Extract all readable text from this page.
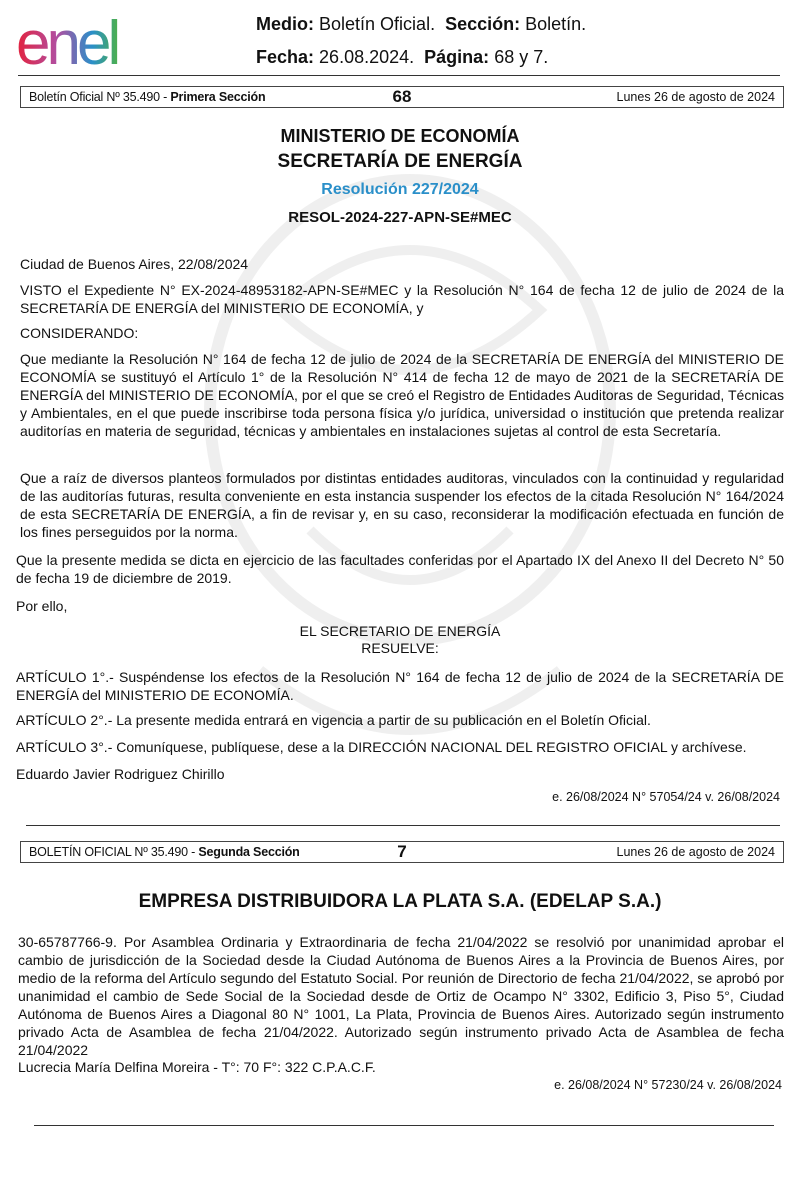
enel	Medio: Boletín Oficial. Sección: Boletín.
Fecha: 26.08.2024. Página: 68 y 7.
Boletín Oficial Nº 35.490 - Primera Sección	68	Lunes 26 de agosto de 2024
MINISTERIO DE ECONOMÍA
SECRETARÍA DE ENERGÍA
Resolución 227/2024
RESOL-2024-227-APN-SE#MEC
Ciudad de Buenos Aires, 22/08/2024
VISTO el Expediente N° EX-2024-48953182-APN-SE#MEC y la Resolución N° 164 de fecha 12 de julio de 2024 de la SECRETARÍA DE ENERGÍA del MINISTERIO DE ECONOMÍA, y
CONSIDERANDO:
Que mediante la Resolución N° 164 de fecha 12 de julio de 2024 de la SECRETARÍA DE ENERGÍA del MINISTERIO DE ECONOMÍA se sustituyó el Artículo 1° de la Resolución N° 414 de fecha 12 de mayo de 2021 de la SECRETARÍA DE ENERGÍA del MINISTERIO DE ECONOMÍA, por el que se creó el Registro de Entidades Auditoras de Seguridad, Técnicas y Ambientales, en el que puede inscribirse toda persona física y/o jurídica, universidad o institución que pretenda realizar auditorías en materia de seguridad, técnicas y ambientales en instalaciones sujetas al control de esta Secretaría.
Que a raíz de diversos planteos formulados por distintas entidades auditoras, vinculados con la continuidad y regularidad de las auditorías futuras, resulta conveniente en esta instancia suspender los efectos de la citada Resolución N° 164/2024 de esta SECRETARÍA DE ENERGÍA, a fin de revisar y, en su caso, reconsiderar la modificación efectuada en función de los fines perseguidos por la norma.
Que la presente medida se dicta en ejercicio de las facultades conferidas por el Apartado IX del Anexo II del Decreto N° 50 de fecha 19 de diciembre de 2019.
Por ello,
EL SECRETARIO DE ENERGÍA
RESUELVE:
ARTÍCULO 1°.- Suspéndense los efectos de la Resolución N° 164 de fecha 12 de julio de 2024 de la SECRETARÍA DE ENERGÍA del MINISTERIO DE ECONOMÍA.
ARTÍCULO 2°.- La presente medida entrará en vigencia a partir de su publicación en el Boletín Oficial.
ARTÍCULO 3°.- Comuníquese, publíquese, dese a la DIRECCIÓN NACIONAL DEL REGISTRO OFICIAL y archívese.
Eduardo Javier Rodriguez Chirillo
e. 26/08/2024 N° 57054/24 v. 26/08/2024
BOLETÍN OFICIAL Nº 35.490 - Segunda Sección	7	Lunes 26 de agosto de 2024
EMPRESA DISTRIBUIDORA LA PLATA S.A. (EDELAP S.A.)
30-65787766-9. Por Asamblea Ordinaria y Extraordinaria de fecha 21/04/2022 se resolvió por unanimidad aprobar el cambio de jurisdicción de la Sociedad desde la Ciudad Autónoma de Buenos Aires a la Provincia de Buenos Aires, por medio de la reforma del Artículo segundo del Estatuto Social. Por reunión de Directorio de fecha 21/04/2022, se aprobó por unanimidad el cambio de Sede Social de la Sociedad desde de Ortiz de Ocampo N° 3302, Edificio 3, Piso 5°, Ciudad Autónoma de Buenos Aires a Diagonal 80 N° 1001, La Plata, Provincia de Buenos Aires. Autorizado según instrumento privado Acta de Asamblea de fecha 21/04/2022. Autorizado según instrumento privado Acta de Asamblea de fecha 21/04/2022
Lucrecia María Delfina Moreira - T°: 70 F°: 322 C.P.A.C.F.
e. 26/08/2024 N° 57230/24 v. 26/08/2024
